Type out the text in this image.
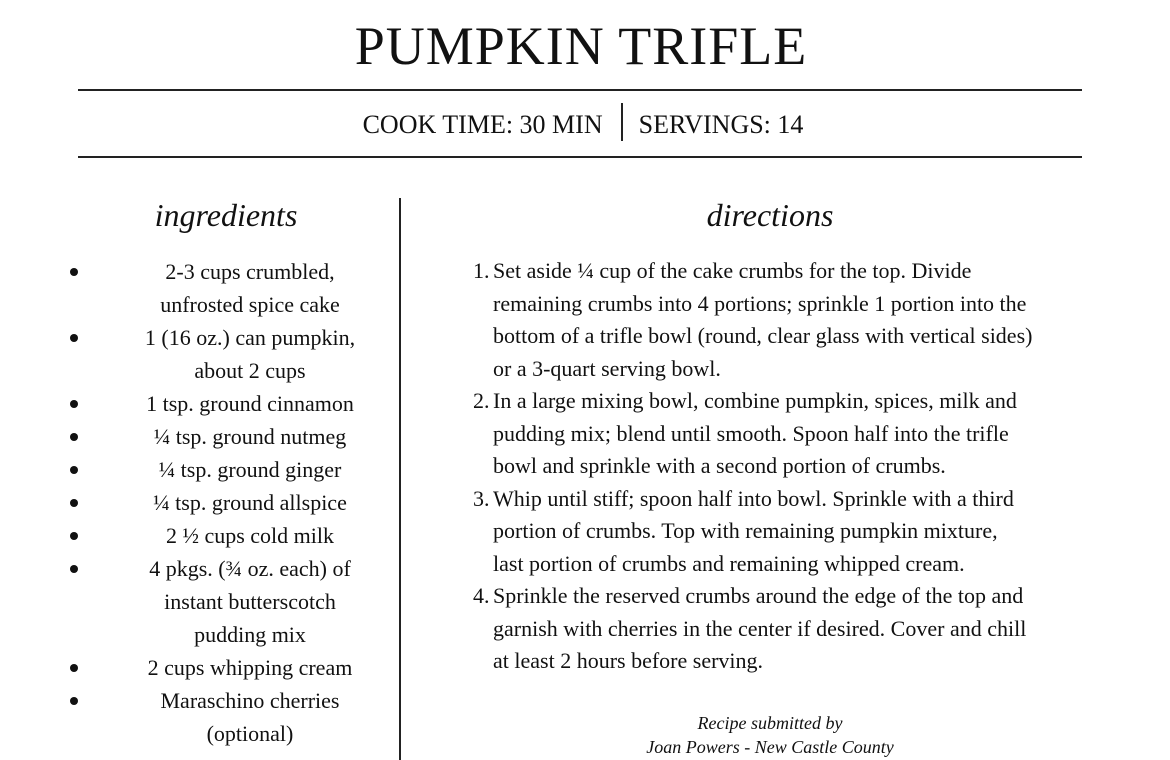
PUMPKIN TRIFLE
COOK TIME: 30 MIN SERVINGS: 14
ingredients	directions
2-3 cups crumbled,
unfrosted spice cake
1 (16 oz.) can pumpkin,
about 2 cups
1 tsp. ground cinnamon
¼ tsp. ground nutmeg
¼ tsp. ground ginger
¼ tsp. ground allspice
2 ½ cups cold milk
4 pkgs. (¾ oz. each) of
instant butterscotch
pudding mix
2 cups whipping cream
Maraschino cherries
(optional)
1. Set aside ¼ cup of the cake crumbs for the top. Divide
remaining crumbs into 4 portions; sprinkle 1 portion into the
bottom of a trifle bowl (round, clear glass with vertical sides)
or a 3-quart serving bowl.
2. In a large mixing bowl, combine pumpkin, spices, milk and
pudding mix; blend until smooth. Spoon half into the trifle
bowl and sprinkle with a second portion of crumbs.
3. Whip until stiff; spoon half into bowl. Sprinkle with a third
portion of crumbs. Top with remaining pumpkin mixture,
last portion of crumbs and remaining whipped cream.
4. Sprinkle the reserved crumbs around the edge of the top and
garnish with cherries in the center if desired. Cover and chill
at least 2 hours before serving.
Recipe submitted by
Joan Powers - New Castle County
